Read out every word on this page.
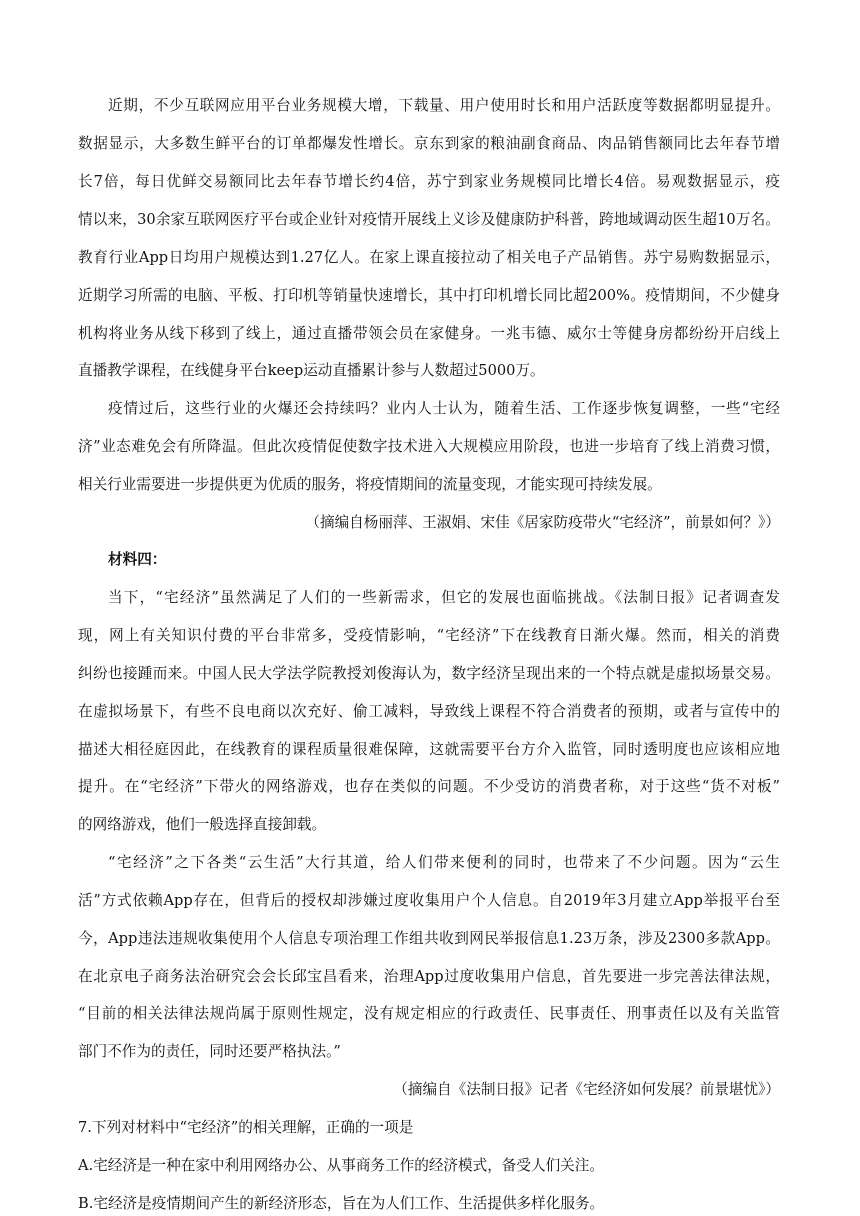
近期，不少互联网应用平台业务规模大增，下载量、用户使用时长和用户活跃度等数据都明显提升。
数据显示，大多数生鲜平台的订单都爆发性增长。京东到家的粮油副食商品、肉品销售额同比去年春节增
长7倍，每日优鲜交易额同比去年春节增长约4倍，苏宁到家业务规模同比增长4倍。易观数据显示，疫
情以来，30余家互联网医疗平台或企业针对疫情开展线上义诊及健康防护科普，跨地域调动医生超10万名。
教育行业App日均用户规模达到1.27亿人。在家上课直接拉动了相关电子产品销售。苏宁易购数据显示，
近期学习所需的电脑、平板、打印机等销量快速增长，其中打印机增长同比超200%。疫情期间，不少健身
机构将业务从线下移到了线上，通过直播带领会员在家健身。一兆韦德、威尔士等健身房都纷纷开启线上
直播教学课程，在线健身平台keep运动直播累计参与人数超过5000万。
疫情过后，这些行业的火爆还会持续吗？业内人士认为，随着生活、工作逐步恢复调整，一些“宅经
济”业态难免会有所降温。但此次疫情促使数字技术进入大规模应用阶段，也进一步培育了线上消费习惯，
相关行业需要进一步提供更为优质的服务，将疫情期间的流量变现，才能实现可持续发展。
（摘编自杨丽萍、王淑娟、宋佳《居家防疫带火“宅经济”，前景如何？》）
材料四：
当下，“宅经济”虽然满足了人们的一些新需求，但它的发展也面临挑战。《法制日报》记者调查发
现，网上有关知识付费的平台非常多，受疫情影响，“宅经济”下在线教育日渐火爆。然而，相关的消费
纠纷也接踵而来。中国人民大学法学院教授刘俊海认为，数字经济呈现出来的一个特点就是虚拟场景交易。
在虚拟场景下，有些不良电商以次充好、偷工减料，导致线上课程不符合消费者的预期，或者与宣传中的
描述大相径庭因此，在线教育的课程质量很难保障，这就需要平台方介入监管，同时透明度也应该相应地
提升。在“宅经济”下带火的网络游戏，也存在类似的问题。不少受访的消费者称，对于这些“货不对板”
的网络游戏，他们一般选择直接卸载。
“宅经济”之下各类“云生活”大行其道，给人们带来便利的同时，也带来了不少问题。因为“云生
活”方式依赖App存在，但背后的授权却涉嫌过度收集用户个人信息。自2019年3月建立App举报平台至
今，App违法违规收集使用个人信息专项治理工作组共收到网民举报信息1.23万条，涉及2300多款App。
在北京电子商务法治研究会会长邱宝昌看来，治理App过度收集用户信息，首先要进一步完善法律法规，
“目前的相关法律法规尚属于原则性规定，没有规定相应的行政责任、民事责任、刑事责任以及有关监管
部门不作为的责任，同时还要严格执法。”
（摘编自《法制日报》记者《宅经济如何发展？前景堪忧》）
7.下列对材料中“宅经济”的相关理解，正确的一项是
A.宅经济是一种在家中利用网络办公、从事商务工作的经济模式，备受人们关注。
B.宅经济是疫情期间产生的新经济形态，旨在为人们工作、生活提供多样化服务。
